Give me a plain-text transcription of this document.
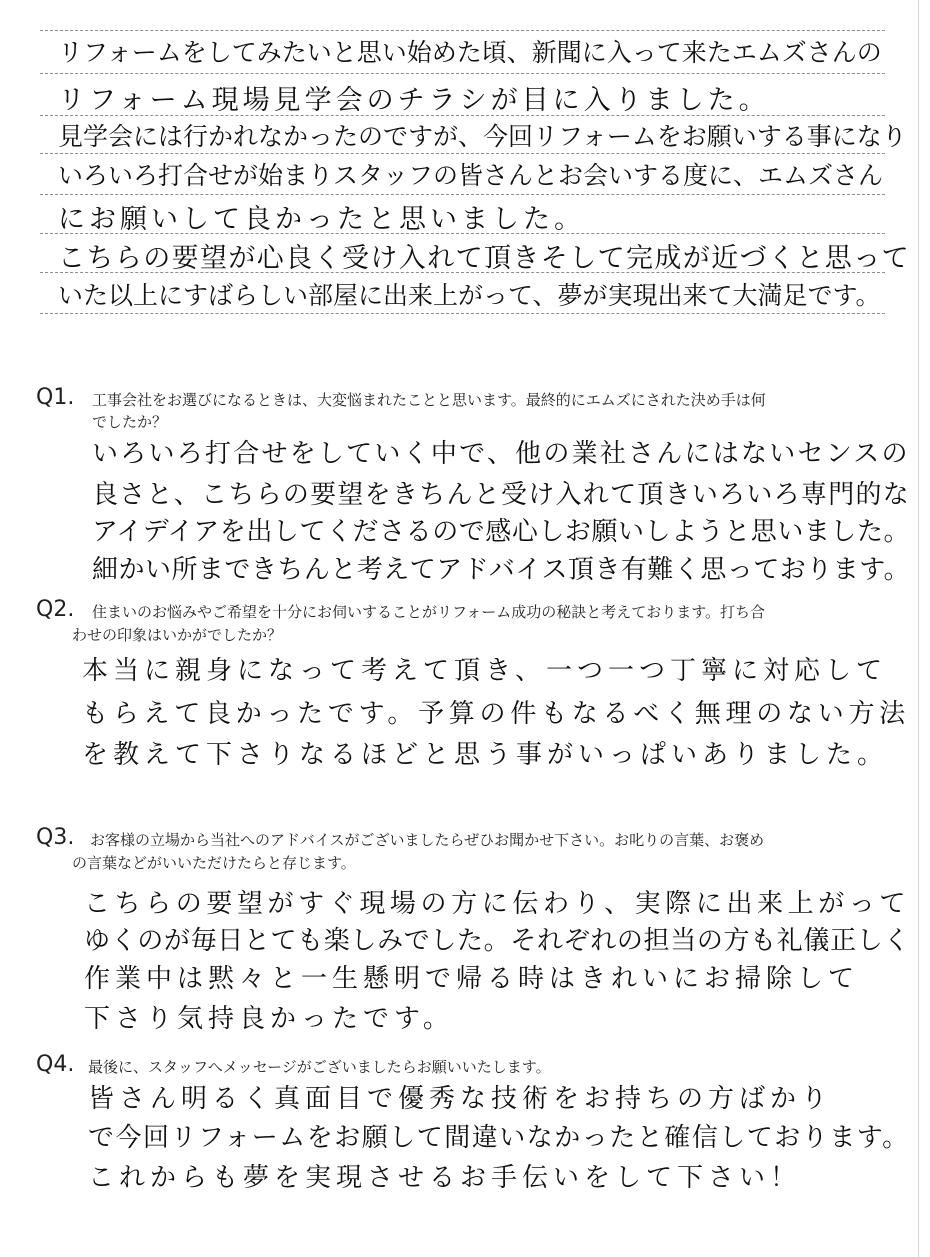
リフォームをしてみたいと思い始めた頃、新聞に入って来たエムズさんの
リフォーム現場見学会のチラシが目に入りました。
見学会には行かれなかったのですが、今回リフォームをお願いする事になり
いろいろ打合せが始まりスタッフの皆さんとお会いする度に、エムズさん
にお願いして良かったと思いました。
こちらの要望が心良く受け入れて頂きそして完成が近づくと思って
いた以上にすばらしい部屋に出来上がって、夢が実現出来て大満足です。
Q1. 工事会社をお選びになるときは、大変悩まれたことと思います。最終的にエムズにされた決め手は何
でしたか？
いろいろ打合せをしていく中で、他の業社さんにはないセンスの
良さと、こちらの要望をきちんと受け入れて頂きいろいろ専門的な
アイデイアを出してくださるので感心しお願いしようと思いました。
細かい所まできちんと考えてアドバイス頂き有難く思っております。
Q2. 住まいのお悩みやご希望を十分にお伺いすることがリフォーム成功の秘訣と考えております。打ち合
わせの印象はいかがでしたか？
本当に親身になって考えて頂き、一つ一つ丁寧に対応して
もらえて良かったです。予算の件もなるべく無理のない方法
を教えて下さりなるほどと思う事がいっぱいありました。
Q3. お客様の立場から当社へのアドバイスがございましたらぜひお聞かせ下さい。お叱りの言葉、お褒め
の言葉などがいいただけたらと存じます。
こちらの要望がすぐ現場の方に伝わり、実際に出来上がって
ゆくのが毎日とても楽しみでした。それぞれの担当の方も礼儀正しく
作業中は黙々と一生懸明で帰る時はきれいにお掃除して
下さり気持良かったです。
Q4. 最後に、スタッフへメッセージがございましたらお願いいたします。
皆さん明るく真面目で優秀な技術をお持ちの方ばかり
で今回リフォームをお願して間違いなかったと確信しております。
これからも夢を実現させるお手伝いをして下さい！
